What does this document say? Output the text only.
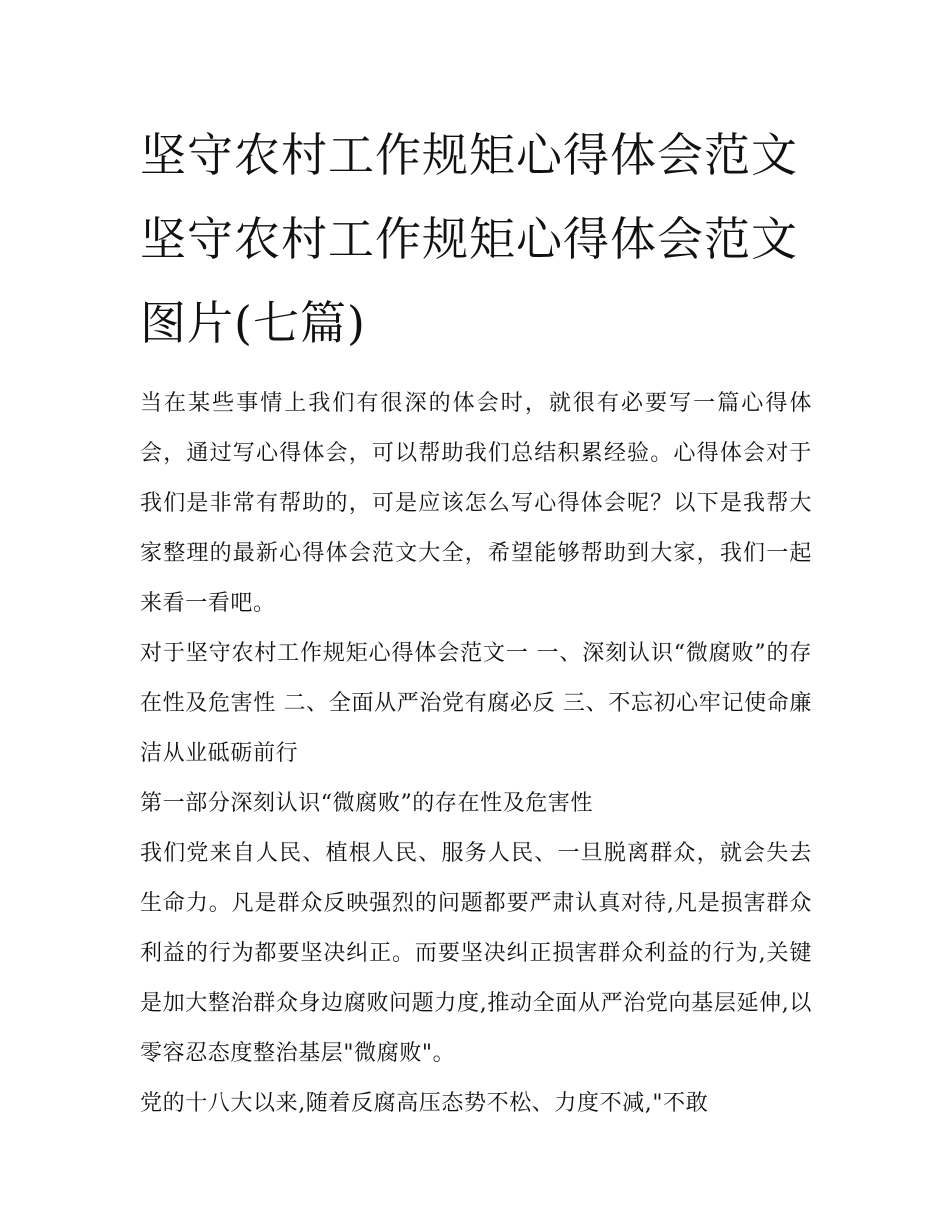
坚守农村工作规矩心得体会范文 坚守农村工作规矩心得体会范文图片(七篇)

当在某些事情上我们有很深的体会时，就很有必要写一篇心得体会，通过写心得体会，可以帮助我们总结积累经验。心得体会对于我们是非常有帮助的，可是应该怎么写心得体会呢？以下是我帮大家整理的最新心得体会范文大全，希望能够帮助到大家，我们一起来看一看吧。

对于坚守农村工作规矩心得体会范文一 一、深刻认识“微腐败”的存在性及危害性 二、全面从严治党有腐必反 三、不忘初心牢记使命廉洁从业砥砺前行

第一部分深刻认识“微腐败”的存在性及危害性

我们党来自人民、植根人民、服务人民、一旦脱离群众，就会失去生命力。凡是群众反映强烈的问题都要严肃认真对待,凡是损害群众利益的行为都要坚决纠正。而要坚决纠正损害群众利益的行为,关键是加大整治群众身边腐败问题力度,推动全面从严治党向基层延伸,以零容忍态度整治基层"微腐败"。

党的十八大以来,随着反腐高压态势不松、力度不减,"不敢
